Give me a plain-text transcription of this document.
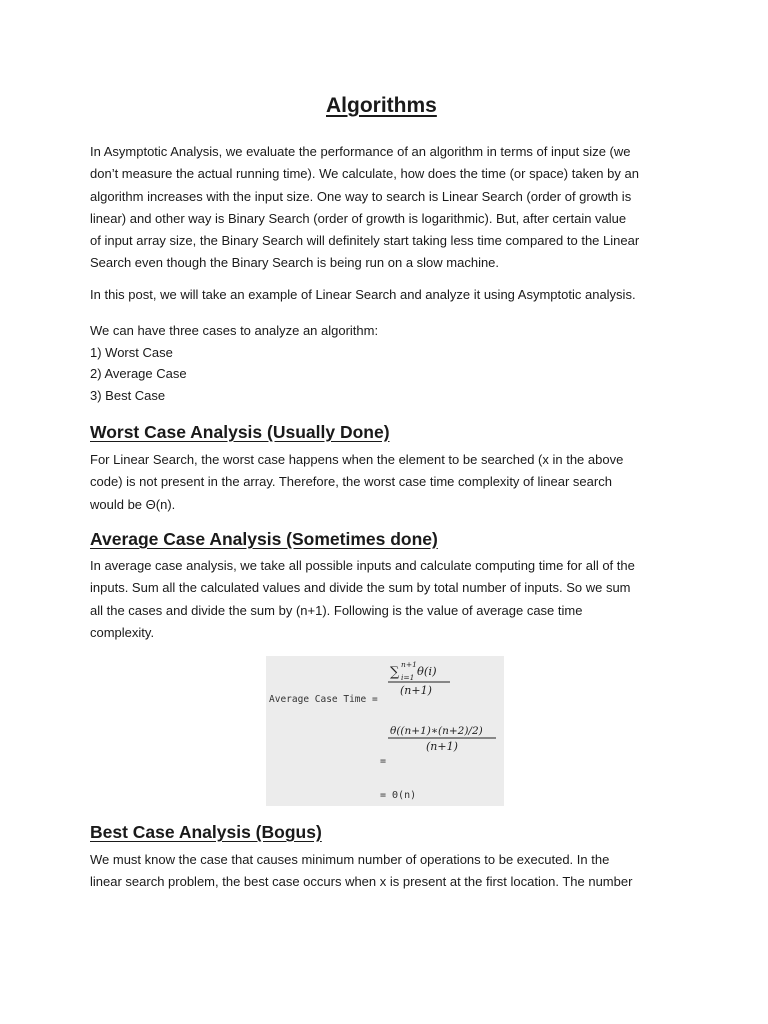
Algorithms
In Asymptotic Analysis, we evaluate the performance of an algorithm in terms of input size (we
don’t measure the actual running time). We calculate, how does the time (or space) taken by an
algorithm increases with the input size. One way to search is Linear Search (order of growth is
linear) and other way is Binary Search (order of growth is logarithmic). But, after certain value
of input array size, the Binary Search will definitely start taking less time compared to the Linear
Search even though the Binary Search is being run on a slow machine.

In this post, we will take an example of Linear Search and analyze it using Asymptotic analysis.

We can have three cases to analyze an algorithm:
1) Worst Case
2) Average Case
3) Best Case
Worst Case Analysis (Usually Done)
For Linear Search, the worst case happens when the element to be searched (x in the above
code) is not present in the array. Therefore, the worst case time complexity of linear search
would be Θ(n).
Average Case Analysis (Sometimes done)
In average case analysis, we take all possible inputs and calculate computing time for all of the
inputs. Sum all the calculated values and divide the sum by total number of inputs. So we sum
all the cases and divide the sum by (n+1). Following is the value of average case time
complexity.
Average Case Time =
∑
n+1
i=1 θ(i)
(n+1)
θ((n+1)∗(n+2)/2)
(n+1)
=
= Θ(n)
Best Case Analysis (Bogus)
We must know the case that causes minimum number of operations to be executed. In the
linear search problem, the best case occurs when x is present at the first location. The number
